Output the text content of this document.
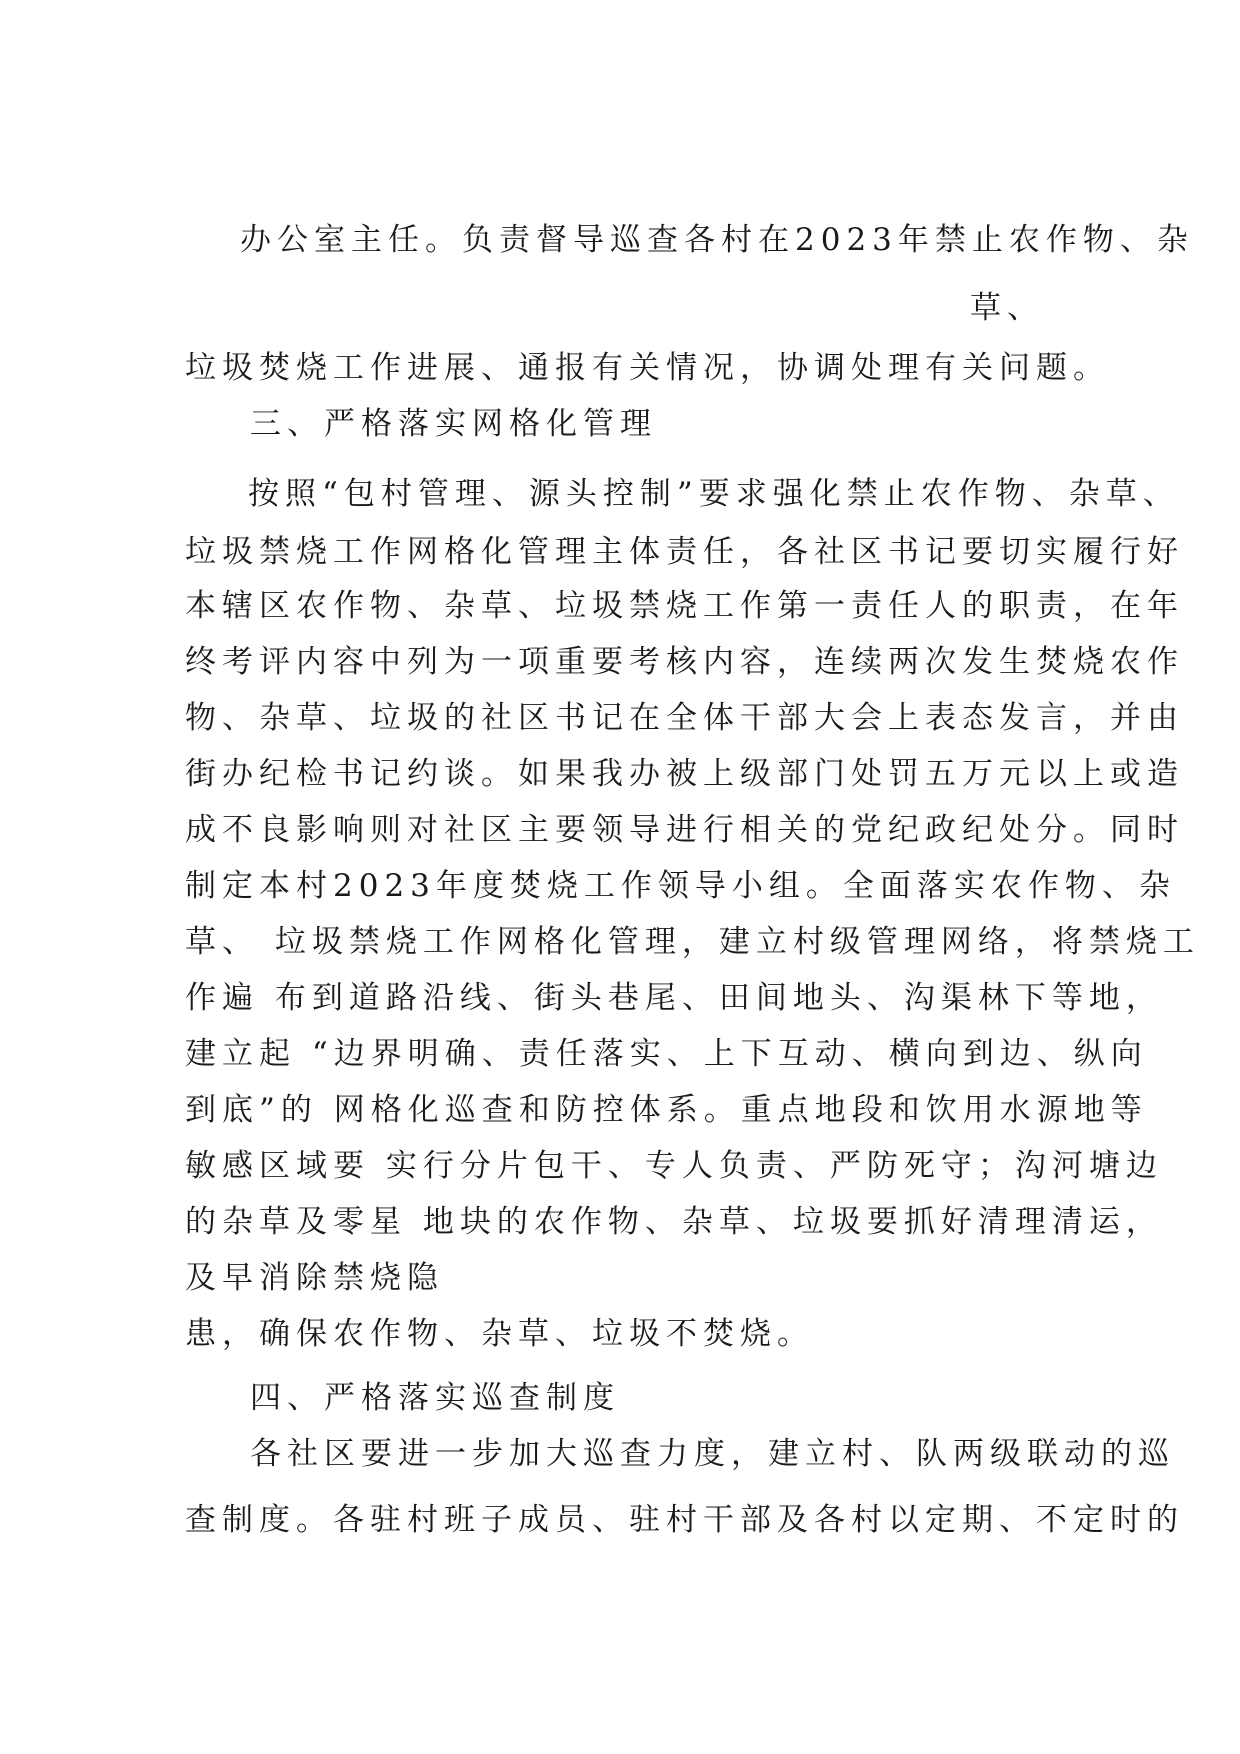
办公室主任。负责督导巡查各村在2023年禁止农作物、杂
草、
垃圾焚烧工作进展、通报有关情况，协调处理有关问题。
三、严格落实网格化管理
按照“包村管理、源头控制”要求强化禁止农作物、杂草、
垃圾禁烧工作网格化管理主体责任，各社区书记要切实履行好
本辖区农作物、杂草、垃圾禁烧工作第一责任人的职责，在年
终考评内容中列为一项重要考核内容，连续两次发生焚烧农作
物、杂草、垃圾的社区书记在全体干部大会上表态发言，并由
街办纪检书记约谈。如果我办被上级部门处罚五万元以上或造
成不良影响则对社区主要领导进行相关的党纪政纪处分。同时
制定本村2023年度焚烧工作领导小组。全面落实农作物、杂
草、 垃圾禁烧工作网格化管理，建立村级管理网络，将禁烧工
作遍 布到道路沿线、街头巷尾、田间地头、沟渠林下等地，
建立起 “边界明确、责任落实、上下互动、横向到边、纵向
到底”的 网格化巡查和防控体系。重点地段和饮用水源地等
敏感区域要 实行分片包干、专人负责、严防死守；沟河塘边
的杂草及零星 地块的农作物、杂草、垃圾要抓好清理清运，
及早消除禁烧隐
患，确保农作物、杂草、垃圾不焚烧。
四、严格落实巡查制度
各社区要进一步加大巡查力度，建立村、队两级联动的巡
查制度。各驻村班子成员、驻村干部及各村以定期、不定时的
